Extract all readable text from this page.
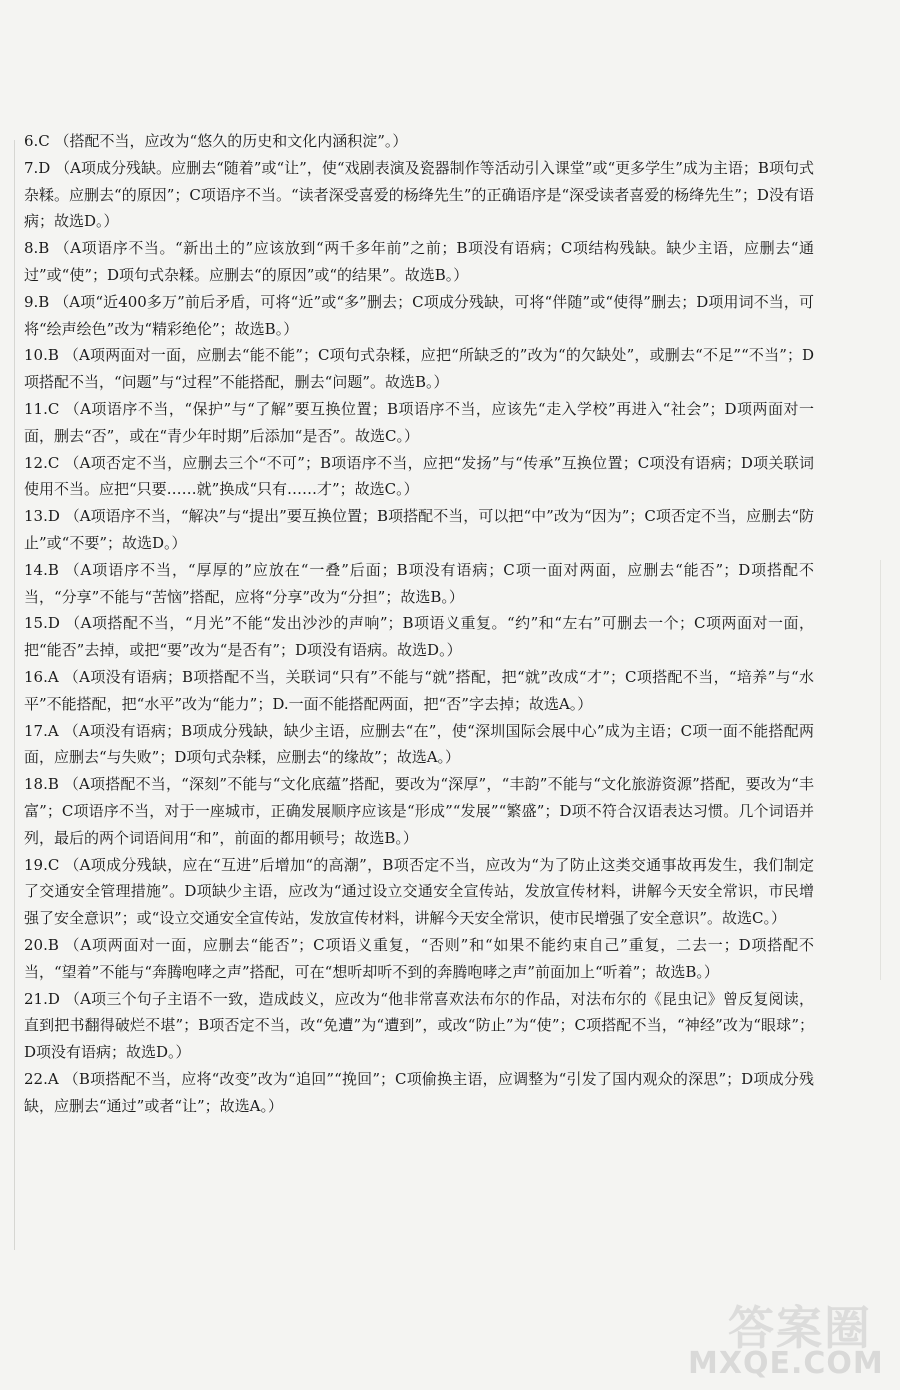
6.C （搭配不当，应改为“悠久的历史和文化内涵积淀”。）

7.D （A项成分残缺。应删去“随着”或“让”，使“戏剧表演及瓷器制作等活动引入课堂”或“更多学生”成为主语；B项句式杂糅。应删去“的原因”；C项语序不当。“读者深受喜爱的杨绛先生”的正确语序是“深受读者喜爱的杨绛先生”；D没有语病；故选D。）

8.B （A项语序不当。“新出土的”应该放到“两千多年前”之前；B项没有语病；C项结构残缺。缺少主语，应删去“通过”或“使”；D项句式杂糅。应删去“的原因”或“的结果”。故选B。）

9.B （A项“近400多万”前后矛盾，可将“近”或“多”删去；C项成分残缺，可将“伴随”或“使得”删去；D项用词不当，可将“绘声绘色”改为“精彩绝伦”；故选B。）

10.B （A项两面对一面，应删去“能不能”；C项句式杂糅，应把“所缺乏的”改为“的欠缺处”，或删去“不足”“不当”；D项搭配不当，“问题”与“过程”不能搭配，删去“问题”。故选B。）

11.C （A项语序不当，“保护”与“了解”要互换位置；B项语序不当，应该先“走入学校”再进入“社会”；D项两面对一面，删去“否”，或在“青少年时期”后添加“是否”。故选C。）

12.C （A项否定不当，应删去三个“不可”；B项语序不当，应把“发扬”与“传承”互换位置；C项没有语病；D项关联词使用不当。应把“只要……就”换成“只有……才”；故选C。）

13.D （A项语序不当，“解决”与“提出”要互换位置；B项搭配不当，可以把“中”改为“因为”；C项否定不当，应删去“防止”或“不要”；故选D。）

14.B （A项语序不当，“厚厚的”应放在“一叠”后面；B项没有语病；C项一面对两面，应删去“能否”；D项搭配不当，“分享”不能与“苦恼”搭配，应将“分享”改为“分担”；故选B。）

15.D （A项搭配不当，“月光”不能“发出沙沙的声响”；B项语义重复。“约”和“左右”可删去一个；C项两面对一面，把“能否”去掉，或把“要”改为“是否有”；D项没有语病。故选D。）

16.A （A项没有语病；B项搭配不当，关联词“只有”不能与“就”搭配，把“就”改成“才”；C项搭配不当，“培养”与“水平”不能搭配，把“水平”改为“能力”；D.一面不能搭配两面，把“否”字去掉；故选A。）

17.A （A项没有语病；B项成分残缺，缺少主语，应删去“在”，使“深圳国际会展中心”成为主语；C项一面不能搭配两面，应删去“与失败”；D项句式杂糅，应删去“的缘故”；故选A。）

18.B （A项搭配不当，“深刻”不能与“文化底蕴”搭配，要改为“深厚”，“丰韵”不能与“文化旅游资源”搭配，要改为“丰富”；C项语序不当，对于一座城市，正确发展顺序应该是“形成”“发展”“繁盛”；D项不符合汉语表达习惯。几个词语并列，最后的两个词语间用“和”，前面的都用顿号；故选B。）

19.C （A项成分残缺，应在“互进”后增加“的高潮”，B项否定不当，应改为“为了防止这类交通事故再发生，我们制定了交通安全管理措施”。D项缺少主语，应改为“通过设立交通安全宣传站，发放宣传材料，讲解今天安全常识，市民增强了安全意识”；或“设立交通安全宣传站，发放宣传材料，讲解今天安全常识，使市民增强了安全意识”。故选C。）

20.B （A项两面对一面，应删去“能否”；C项语义重复，“否则”和“如果不能约束自己”重复，二去一；D项搭配不当，“望着”不能与“奔腾咆哮之声”搭配，可在“想听却听不到的奔腾咆哮之声”前面加上“听着”；故选B。）

21.D （A项三个句子主语不一致，造成歧义，应改为“他非常喜欢法布尔的作品，对法布尔的《昆虫记》曾反复阅读，直到把书翻得破烂不堪”；B项否定不当，改“免遭”为“遭到”，或改“防止”为“使”；C项搭配不当，“神经”改为“眼球”；D项没有语病；故选D。）

22.A （B项搭配不当，应将“改变”改为“追回”“挽回”；C项偷换主语，应调整为“引发了国内观众的深思”；D项成分残缺，应删去“通过”或者“让”；故选A。）

答案圈
MXQE.COM
